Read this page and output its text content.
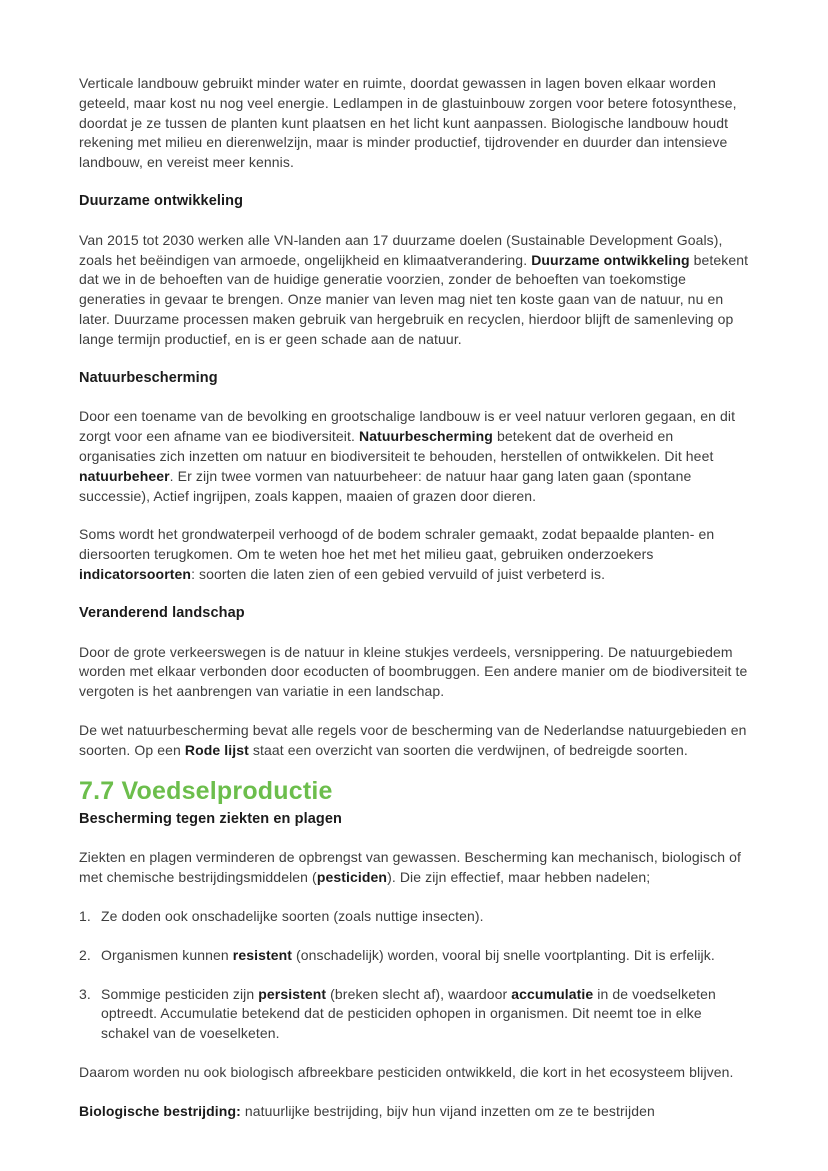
Verticale landbouw gebruikt minder water en ruimte, doordat gewassen in lagen boven elkaar worden geteeld, maar kost nu nog veel energie. Ledlampen in de glastuinbouw zorgen voor betere fotosynthese, doordat je ze tussen de planten kunt plaatsen en het licht kunt aanpassen. Biologische landbouw houdt rekening met milieu en dierenwelzijn, maar is minder productief, tijdrovender en duurder dan intensieve landbouw, en vereist meer kennis.

Duurzame ontwikkeling

Van 2015 tot 2030 werken alle VN-landen aan 17 duurzame doelen (Sustainable Development Goals), zoals het beëindigen van armoede, ongelijkheid en klimaatverandering. Duurzame ontwikkeling betekent dat we in de behoeften van de huidige generatie voorzien, zonder de behoeften van toekomstige generaties in gevaar te brengen. Onze manier van leven mag niet ten koste gaan van de natuur, nu en later. Duurzame processen maken gebruik van hergebruik en recyclen, hierdoor blijft de samenleving op lange termijn productief, en is er geen schade aan de natuur.

Natuurbescherming

Door een toename van de bevolking en grootschalige landbouw is er veel natuur verloren gegaan, en dit zorgt voor een afname van ee biodiversiteit. Natuurbescherming betekent dat de overheid en organisaties zich inzetten om natuur en biodiversiteit te behouden, herstellen of ontwikkelen. Dit heet natuurbeheer. Er zijn twee vormen van natuurbeheer: de natuur haar gang laten gaan (spontane successie), Actief ingrijpen, zoals kappen, maaien of grazen door dieren.

Soms wordt het grondwaterpeil verhoogd of de bodem schraler gemaakt, zodat bepaalde planten- en diersoorten terugkomen. Om te weten hoe het met het milieu gaat, gebruiken onderzoekers indicatorsoorten: soorten die laten zien of een gebied vervuild of juist verbeterd is.

Veranderend landschap

Door de grote verkeerswegen is de natuur in kleine stukjes verdeels, versnippering. De natuurgebiedem worden met elkaar verbonden door ecoducten of boombruggen. Een andere manier om de biodiversiteit te vergoten is het aanbrengen van variatie in een landschap.

De wet natuurbescherming bevat alle regels voor de bescherming van de Nederlandse natuurgebieden en soorten. Op een Rode lijst staat een overzicht van soorten die verdwijnen, of bedreigde soorten.

7.7 Voedselproductie
Bescherming tegen ziekten en plagen

Ziekten en plagen verminderen de opbrengst van gewassen. Bescherming kan mechanisch, biologisch of met chemische bestrijdingsmiddelen (pesticiden). Die zijn effectief, maar hebben nadelen;

1. Ze doden ook onschadelijke soorten (zoals nuttige insecten).
2. Organismen kunnen resistent (onschadelijk) worden, vooral bij snelle voortplanting. Dit is erfelijk.
3. Sommige pesticiden zijn persistent (breken slecht af), waardoor accumulatie in de voedselketen optreedt. Accumulatie betekend dat de pesticiden ophopen in organismen. Dit neemt toe in elke schakel van de voeselketen.

Daarom worden nu ook biologisch afbreekbare pesticiden ontwikkeld, die kort in het ecosysteem blijven.

Biologische bestrijding: natuurlijke bestrijding, bijv hun vijand inzetten om ze te bestrijden
